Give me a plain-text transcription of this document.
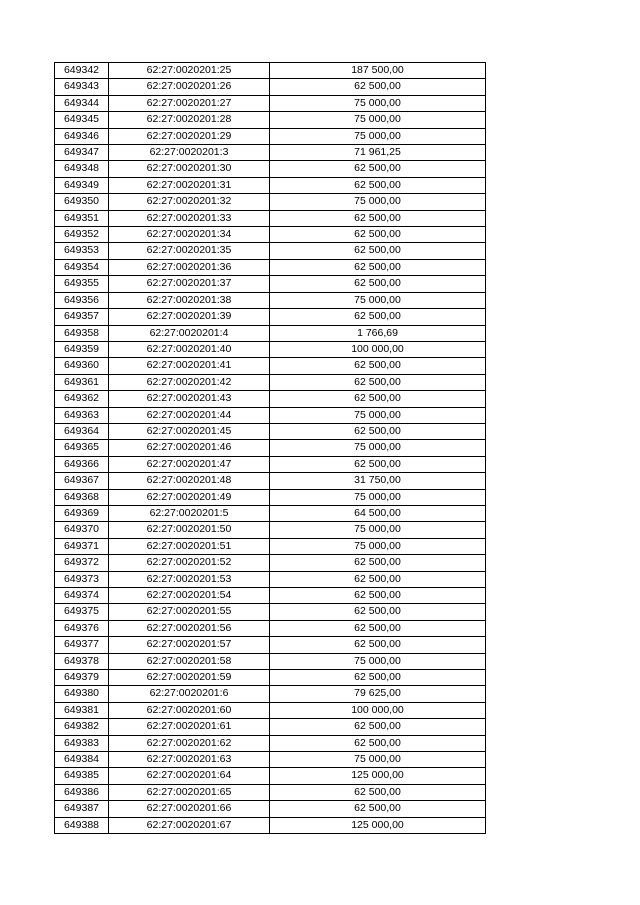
649342	62:27:0020201:25	187 500,00
649343	62:27:0020201:26	62 500,00
649344	62:27:0020201:27	75 000,00
649345	62:27:0020201:28	75 000,00
649346	62:27:0020201:29	75 000,00
649347	62:27:0020201:3	71 961,25
649348	62:27:0020201:30	62 500,00
649349	62:27:0020201:31	62 500,00
649350	62:27:0020201:32	75 000,00
649351	62:27:0020201:33	62 500,00
649352	62:27:0020201:34	62 500,00
649353	62:27:0020201:35	62 500,00
649354	62:27:0020201:36	62 500,00
649355	62:27:0020201:37	62 500,00
649356	62:27:0020201:38	75 000,00
649357	62:27:0020201:39	62 500,00
649358	62:27:0020201:4	1 766,69
649359	62:27:0020201:40	100 000,00
649360	62:27:0020201:41	62 500,00
649361	62:27:0020201:42	62 500,00
649362	62:27:0020201:43	62 500,00
649363	62:27:0020201:44	75 000,00
649364	62:27:0020201:45	62 500,00
649365	62:27:0020201:46	75 000,00
649366	62:27:0020201:47	62 500,00
649367	62:27:0020201:48	31 750,00
649368	62:27:0020201:49	75 000,00
649369	62:27:0020201:5	64 500,00
649370	62:27:0020201:50	75 000,00
649371	62:27:0020201:51	75 000,00
649372	62:27:0020201:52	62 500,00
649373	62:27:0020201:53	62 500,00
649374	62:27:0020201:54	62 500,00
649375	62:27:0020201:55	62 500,00
649376	62:27:0020201:56	62 500,00
649377	62:27:0020201:57	62 500,00
649378	62:27:0020201:58	75 000,00
649379	62:27:0020201:59	62 500,00
649380	62:27:0020201:6	79 625,00
649381	62:27:0020201:60	100 000,00
649382	62:27:0020201:61	62 500,00
649383	62:27:0020201:62	62 500,00
649384	62:27:0020201:63	75 000,00
649385	62:27:0020201:64	125 000,00
649386	62:27:0020201:65	62 500,00
649387	62:27:0020201:66	62 500,00
649388	62:27:0020201:67	125 000,00
